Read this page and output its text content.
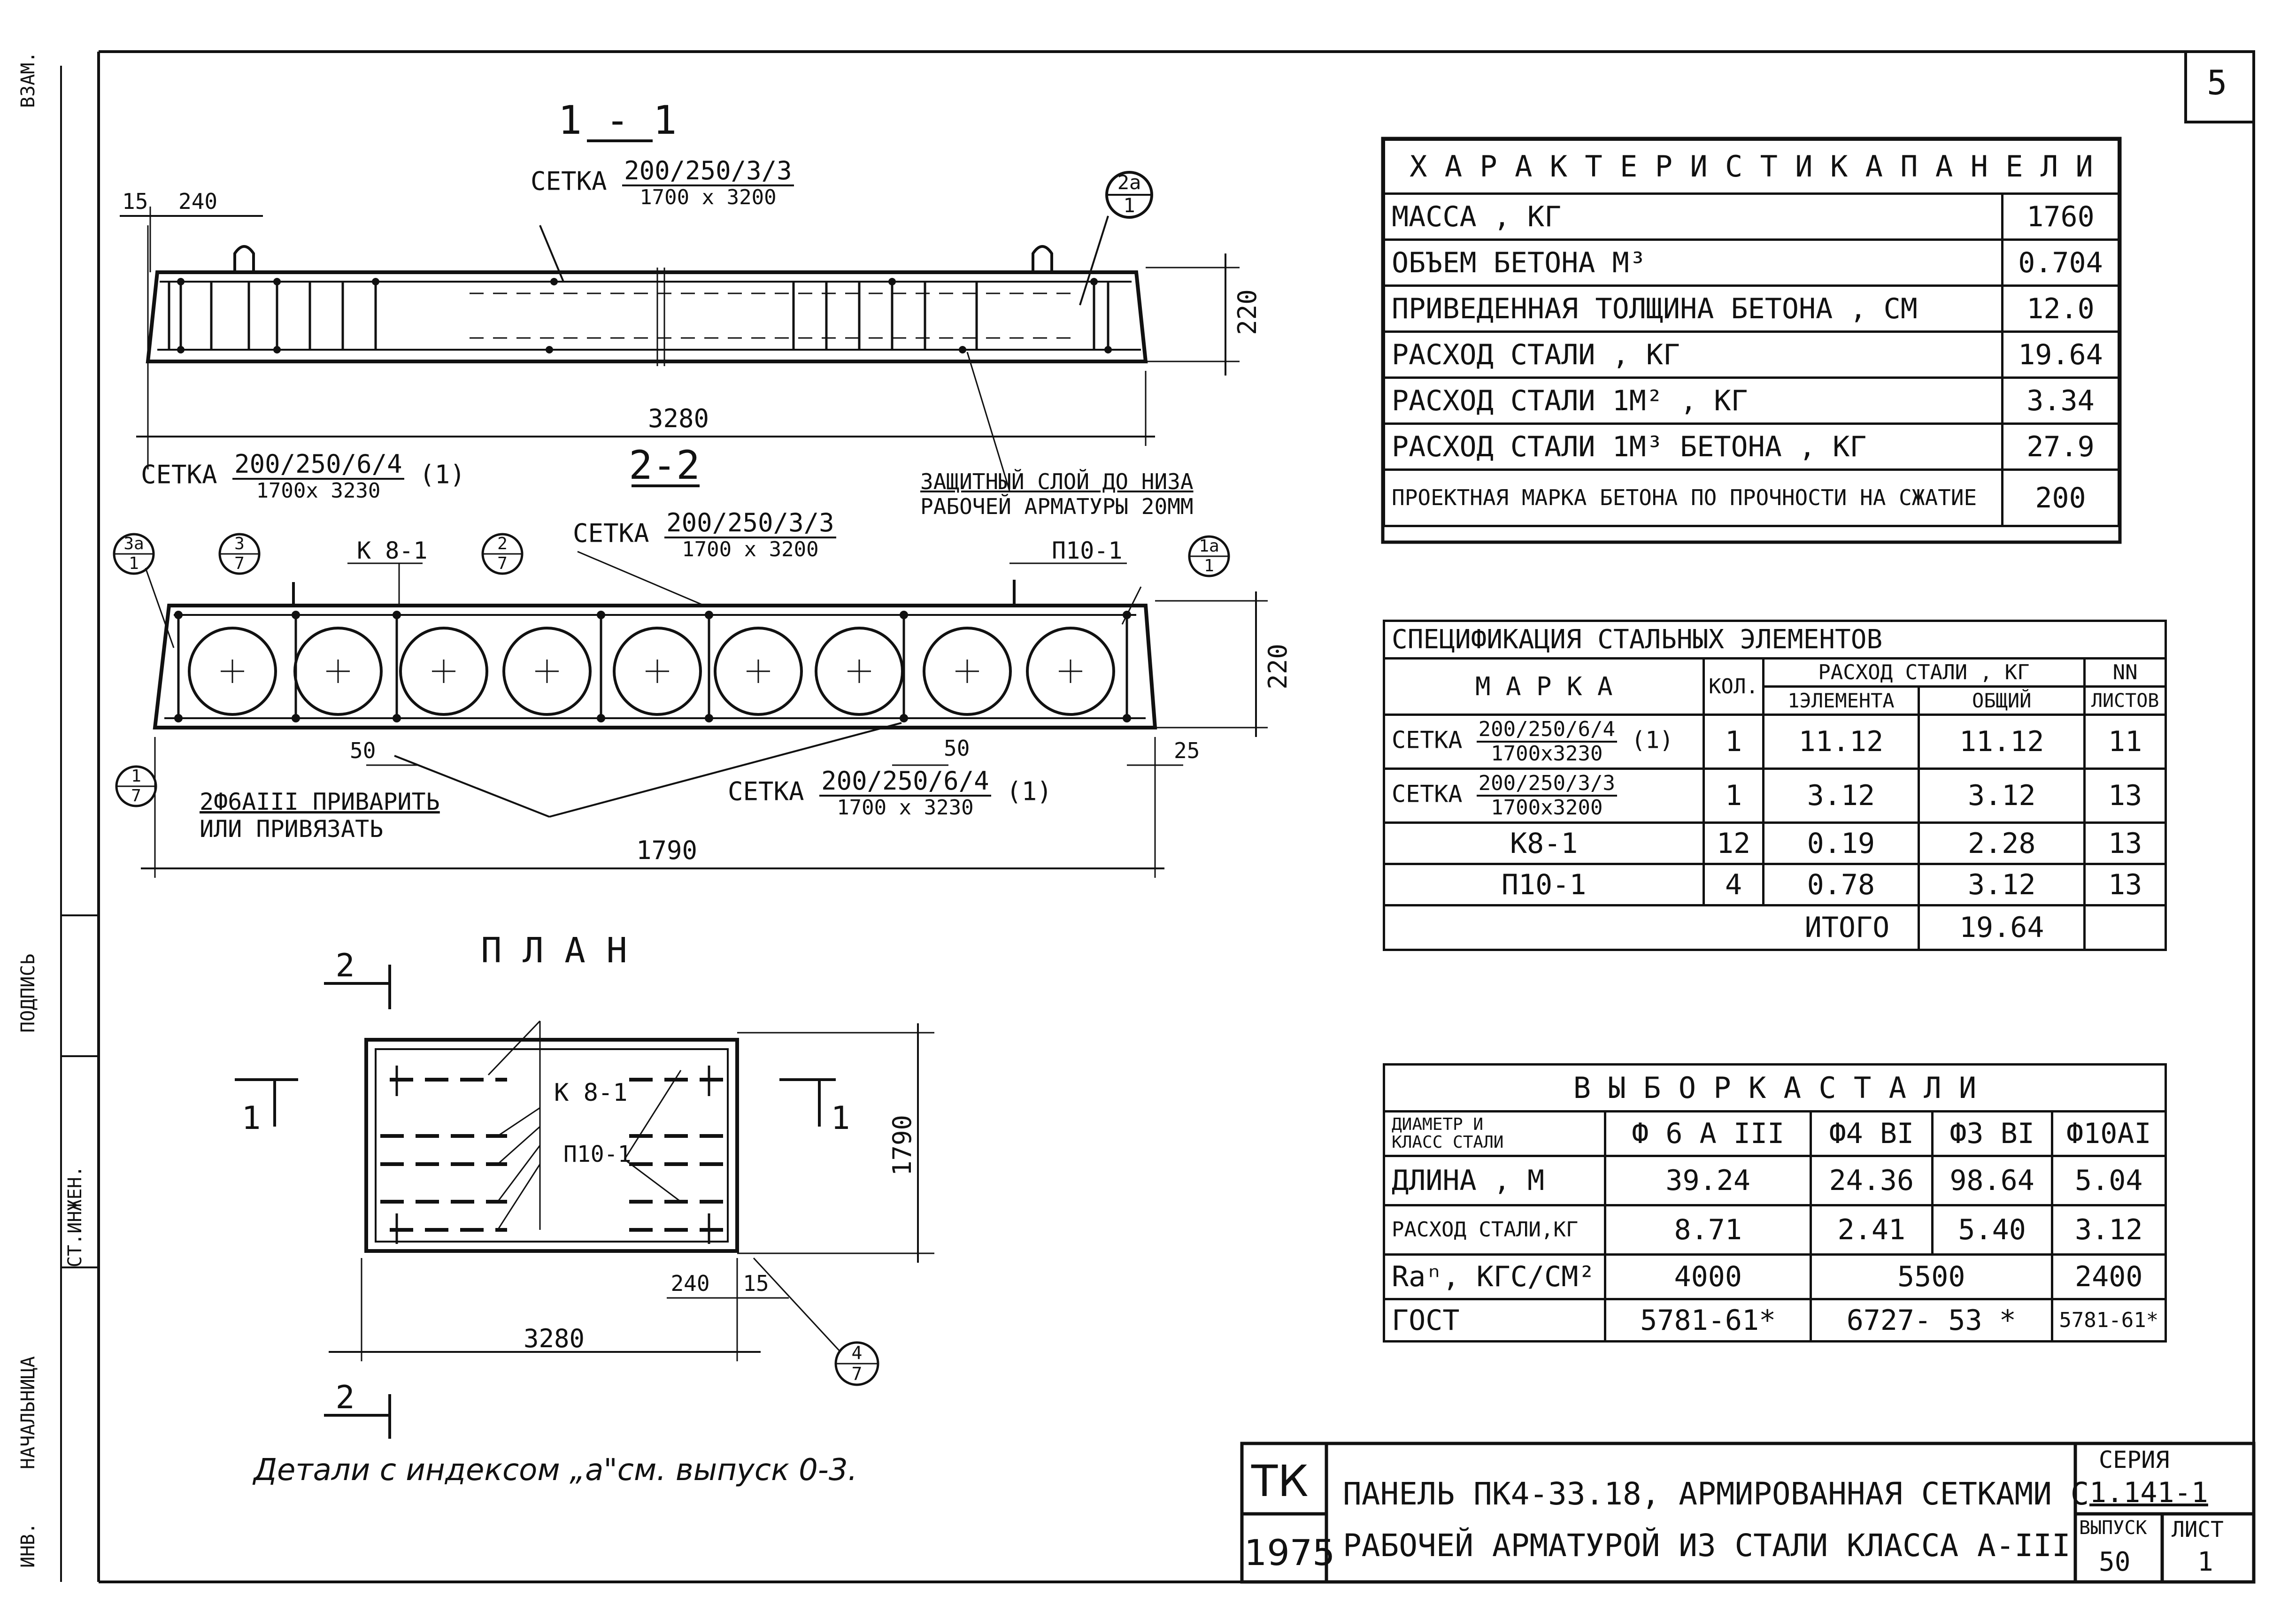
1 - 1
2a
1
15 240
220
3280
2-2
3a
1
3
7
2
7
1a
1
1
7
К 8-1	П10-1
50	50	25
220
1790
П Л А Н
4
7
2
2
1	1
К 8-1
П10-1	1790
240 15
3280
5
ВЗАМ.
ПОДПИСЬ
СТ.ИНЖЕН.
НАЧАЛЬНИЦА
ИНВ.
СЕТКА $\frac{200/250/3/3}{1700 x 3200}$
СЕТКА $\frac{200/250/6/4}{1700x 3230} (1)$	ЗАЩИТНЫЙ СЛОЙ ДО НИЗА
РАБОЧЕЙ АРМАТУРЫ 20ММ
СЕТКА $\frac{200/250/3/3}{1700 x 3200}$
2Ф6АIII ПРИВАРИТЬ
ИЛИ ПРИВЯЗАТЬ
СЕТКА $\frac{200/250/6/4}{1700 x 3230} (1)$
Детали с индексом „а"см. выпуск 0-3.
Х А Р А К Т Е Р И С Т И К А П А Н Е Л И	
МАССА , КГ	1760
ОБЪЕМ БЕТОНА М³	0.704
ПРИВЕДЕННАЯ ТОЛЩИНА БЕТОНА , СМ	12.0
РАСХОД СТАЛИ , КГ	19.64
РАСХОД СТАЛИ 1М² , КГ	3.34
РАСХОД СТАЛИ 1М³ БЕТОНА , КГ	27.9
ПРОЕКТНАЯ МАРКА БЕТОНА ПО ПРОЧНОСТИ НА СЖАТИЕ	200
СПЕЦИФИКАЦИЯ СТАЛЬНЫХ ЭЛЕМЕНТОВ				
М А Р К А	КОЛ.	РАСХОД СТАЛИ , КГ		NN
		1ЭЛЕМЕНТА	ОБЩИЙ	ЛИСТОВ
СЕТКА $\frac{200/250/6/4}{1700x3230} (1)$	1	11.12	11.12	11
СЕТКА $\frac{200/250/3/3}{1700x3200}$	1	3.12	3.12	13
К8-1	12	0.19	2.28	13
П10-1	4	0.78	3.12	13
ИТОГО			19.64	
В Ы Б О Р К А С Т А Л И				

ДИАМЕТР И
КЛАСС СТАЛИ	Ф 6 А III	Ф4 ВI	Ф3 ВI	Ф10АI
ДЛИНА , М	39.24	24.36	98.64	5.04
РАСХОД СТАЛИ,КГ	8.71	2.41	5.40	3.12
Rаⁿ, КГС/СМ²	4000	5500		2400
ГОСТ	5781-61*	6727- 53 *		5781-61*
ТК
1975
ПАНЕЛЬ ПК4-33.18, АРМИРОВАННАЯ СЕТКАМИ С
РАБОЧЕЙ АРМАТУРОЙ ИЗ СТАЛИ КЛАССА А-III
СЕРИЯ
1.141-1
ВЫПУСК
50
ЛИСТ
1
